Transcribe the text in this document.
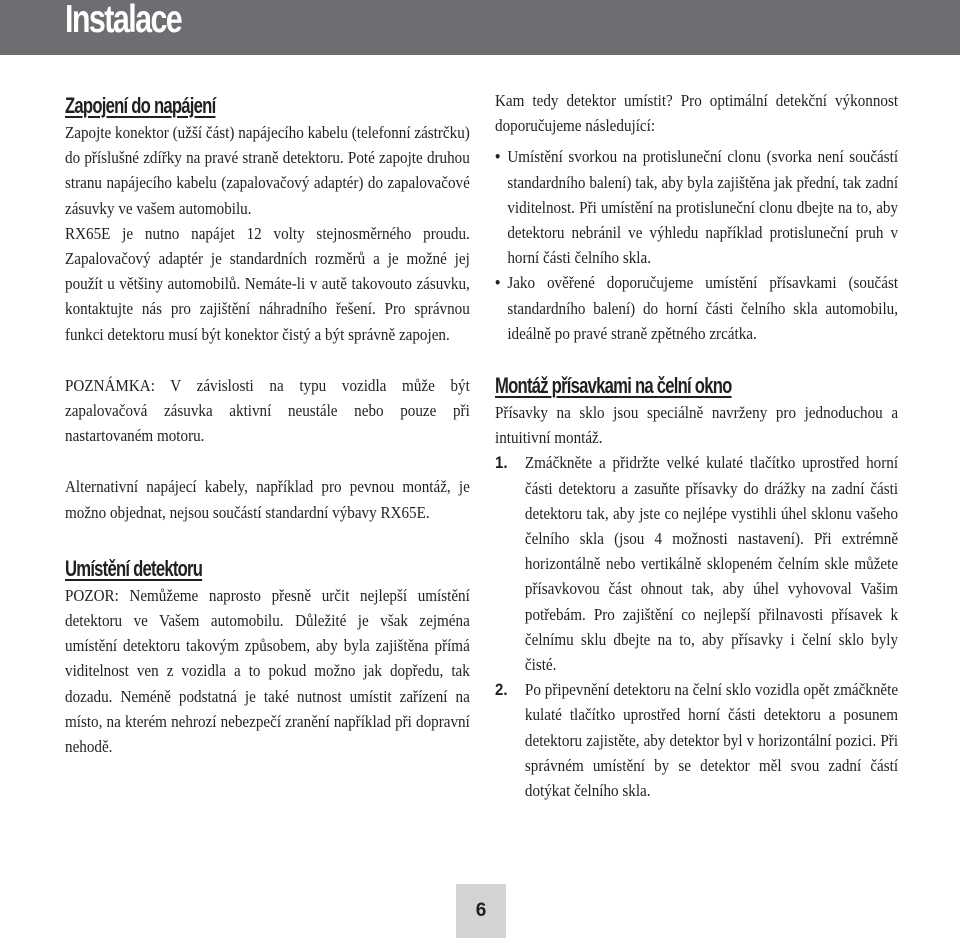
Instalace
Zapojení do napájení

Zapojte konektor (užší část) napájecího kabelu (telefonní zástrčku) do příslušné zdířky na pravé straně detektoru. Poté zapojte druhou stranu napájecího kabelu (zapalovačový adaptér) do zapalovačové zásuvky ve vašem automobilu.

RX65E je nutno napájet 12 volty stejnosměrného proudu. Zapalovačový adaptér je standardních rozměrů a je možné jej použít u většiny automobilů. Nemáte-li v autě takovouto zásuvku, kontaktujte nás pro zajištění náhradního řešení. Pro správnou funkci detektoru musí být konektor čistý a být správně zapojen.

POZNÁMKA: V závislosti na typu vozidla může být zapalovačová zásuvka aktivní neustále nebo pouze při nastartovaném motoru.

Alternativní napájecí kabely, například pro pevnou montáž, je možno objednat, nejsou součástí standardní výbavy RX65E.

Umístění detektoru

POZOR: Nemůžeme naprosto přesně určit nejlepší umístění detektoru ve Vašem automobilu. Důležité je však zejména umístění detektoru takovým způsobem, aby byla zajištěna přímá viditelnost ven z vozidla a to pokud možno jak dopředu, tak dozadu. Neméně podstatná je také nutnost umístit zařízení na místo, na kterém nehrozí nebezpečí zranění například při dopravní nehodě.

Kam tedy detektor umístit? Pro optimální detekční výkonnost doporučujeme následující:

• Umístění svorkou na protisluneční clonu (svorka není součástí standardního balení) tak, aby byla zajištěna jak přední, tak zadní viditelnost. Při umístění na protisluneční clonu dbejte na to, aby detektoru nebránil ve výhledu například protisluneční pruh v horní části čelního skla.
• Jako ověřené doporučujeme umístění přísavkami (součást standardního balení) do horní části čelního skla automobilu, ideálně po pravé straně zpětného zrcátka.
Montáž přísavkami na čelní okno

Přísavky na sklo jsou speciálně navrženy pro jednoduchou a intuitivní montáž.

1. Zmáčkněte a přidržte velké kulaté tlačítko uprostřed horní části detektoru a zasuňte přísavky do drážky na zadní části detektoru tak, aby jste co nejlépe vystihli úhel sklonu vašeho čelního skla (jsou 4 možnosti nastavení). Při extrémně horizontálně nebo vertikálně sklopeném čelním skle můžete přísavkovou část ohnout tak, aby úhel vyhovoval Vašim potřebám. Pro zajištění co nejlepší přilnavosti přísavek k čelnímu sklu dbejte na to, aby přísavky i čelní sklo byly čisté.
2. Po připevnění detektoru na čelní sklo vozidla opět zmáčkněte kulaté tlačítko uprostřed horní části detektoru a posunem detektoru zajistěte, aby detektor byl v horizontální pozici. Při správném umístění by se detektor měl svou zadní částí dotýkat čelního skla.
6
